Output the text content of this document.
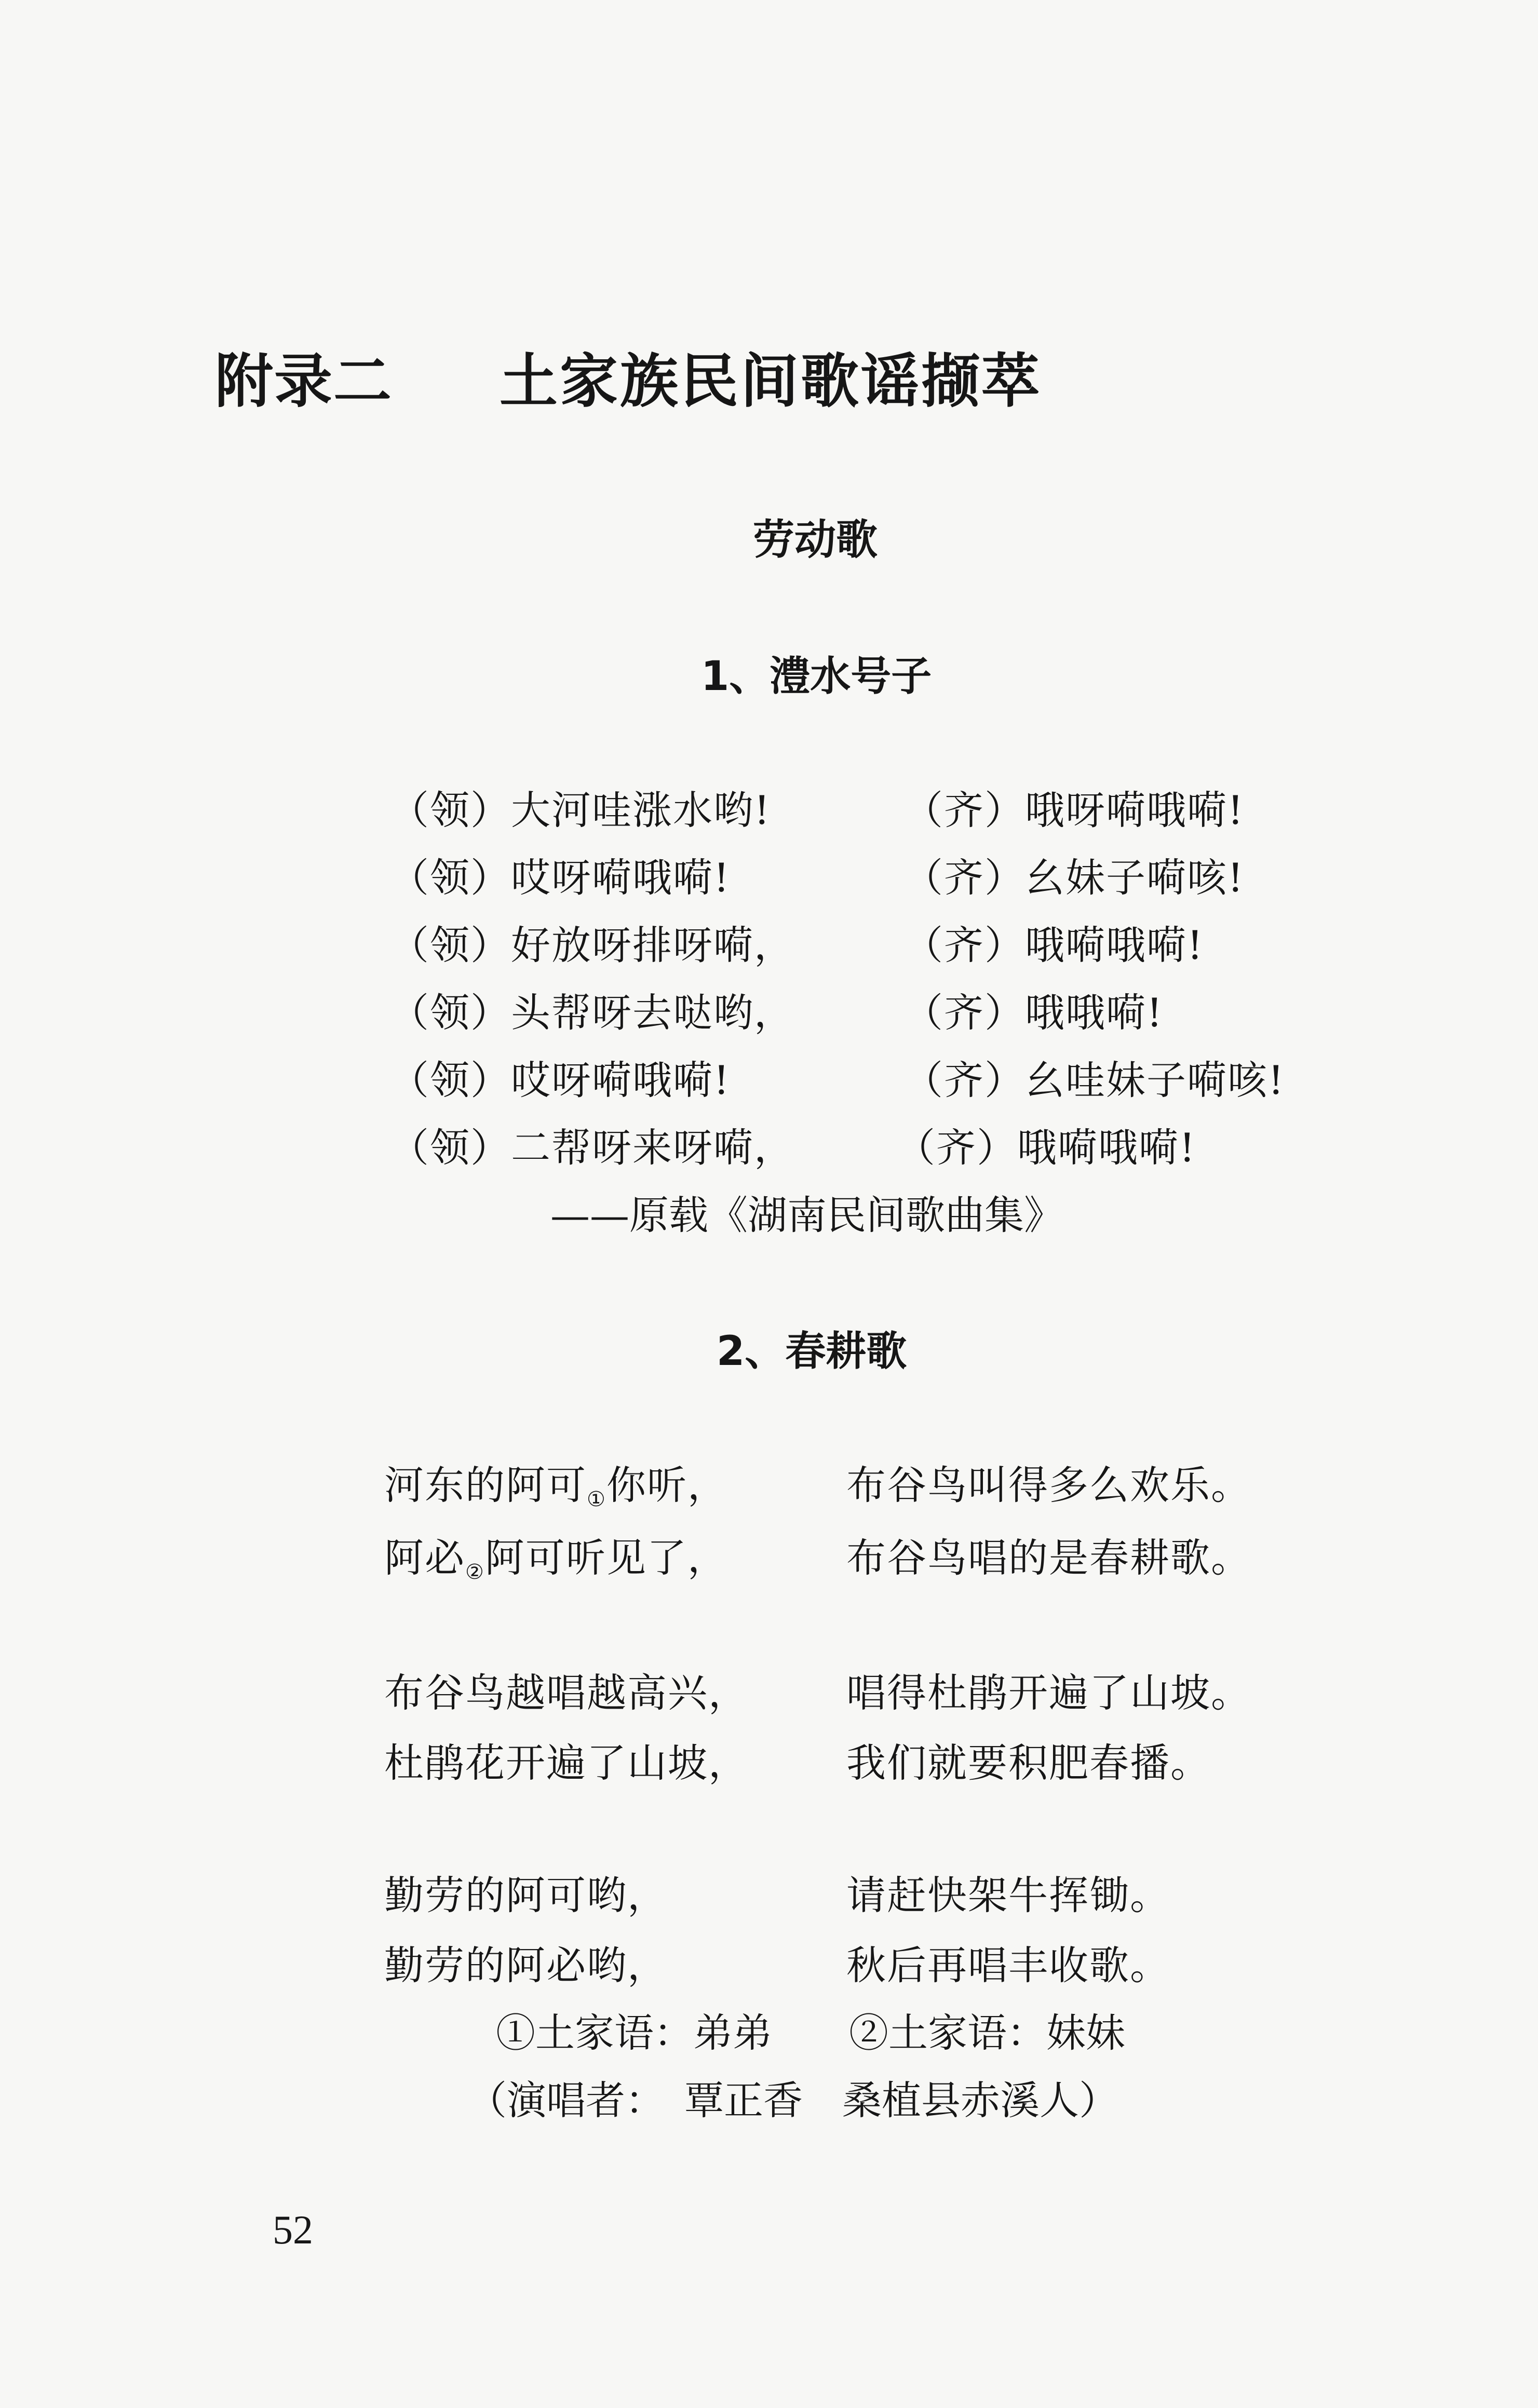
附录二 土家族民间歌谣撷萃
劳动歌
1、澧水号子
（领）大河哇涨水哟!	（齐）哦呀嗬哦嗬!
（领）哎呀嗬哦嗬!	（齐）幺妹子嗬咳!
（领）好放呀排呀嗬，	（齐）哦嗬哦嗬!
（领）头帮呀去哒哟，	（齐）哦哦嗬!
（领）哎呀嗬哦嗬!	（齐）幺哇妹子嗬咳!
（领）二帮呀来呀嗬，	（齐）哦嗬哦嗬!
——原载《湖南民间歌曲集》
2、春耕歌
河东的阿可$_①$你听，	布谷鸟叫得多么欢乐。
阿必$_②$阿可听见了，	布谷鸟唱的是春耕歌。
布谷鸟越唱越高兴， 唱得杜鹃开遍了山坡。
杜鹃花开遍了山坡， 我们就要积肥春播。
勤劳的阿可哟，	请赶快架牛挥锄。
勤劳的阿必哟，	秋后再唱丰收歌。
①土家语：弟弟 ②土家语：妹妹
（演唱者：　覃正香　桑植县赤溪人）
52
